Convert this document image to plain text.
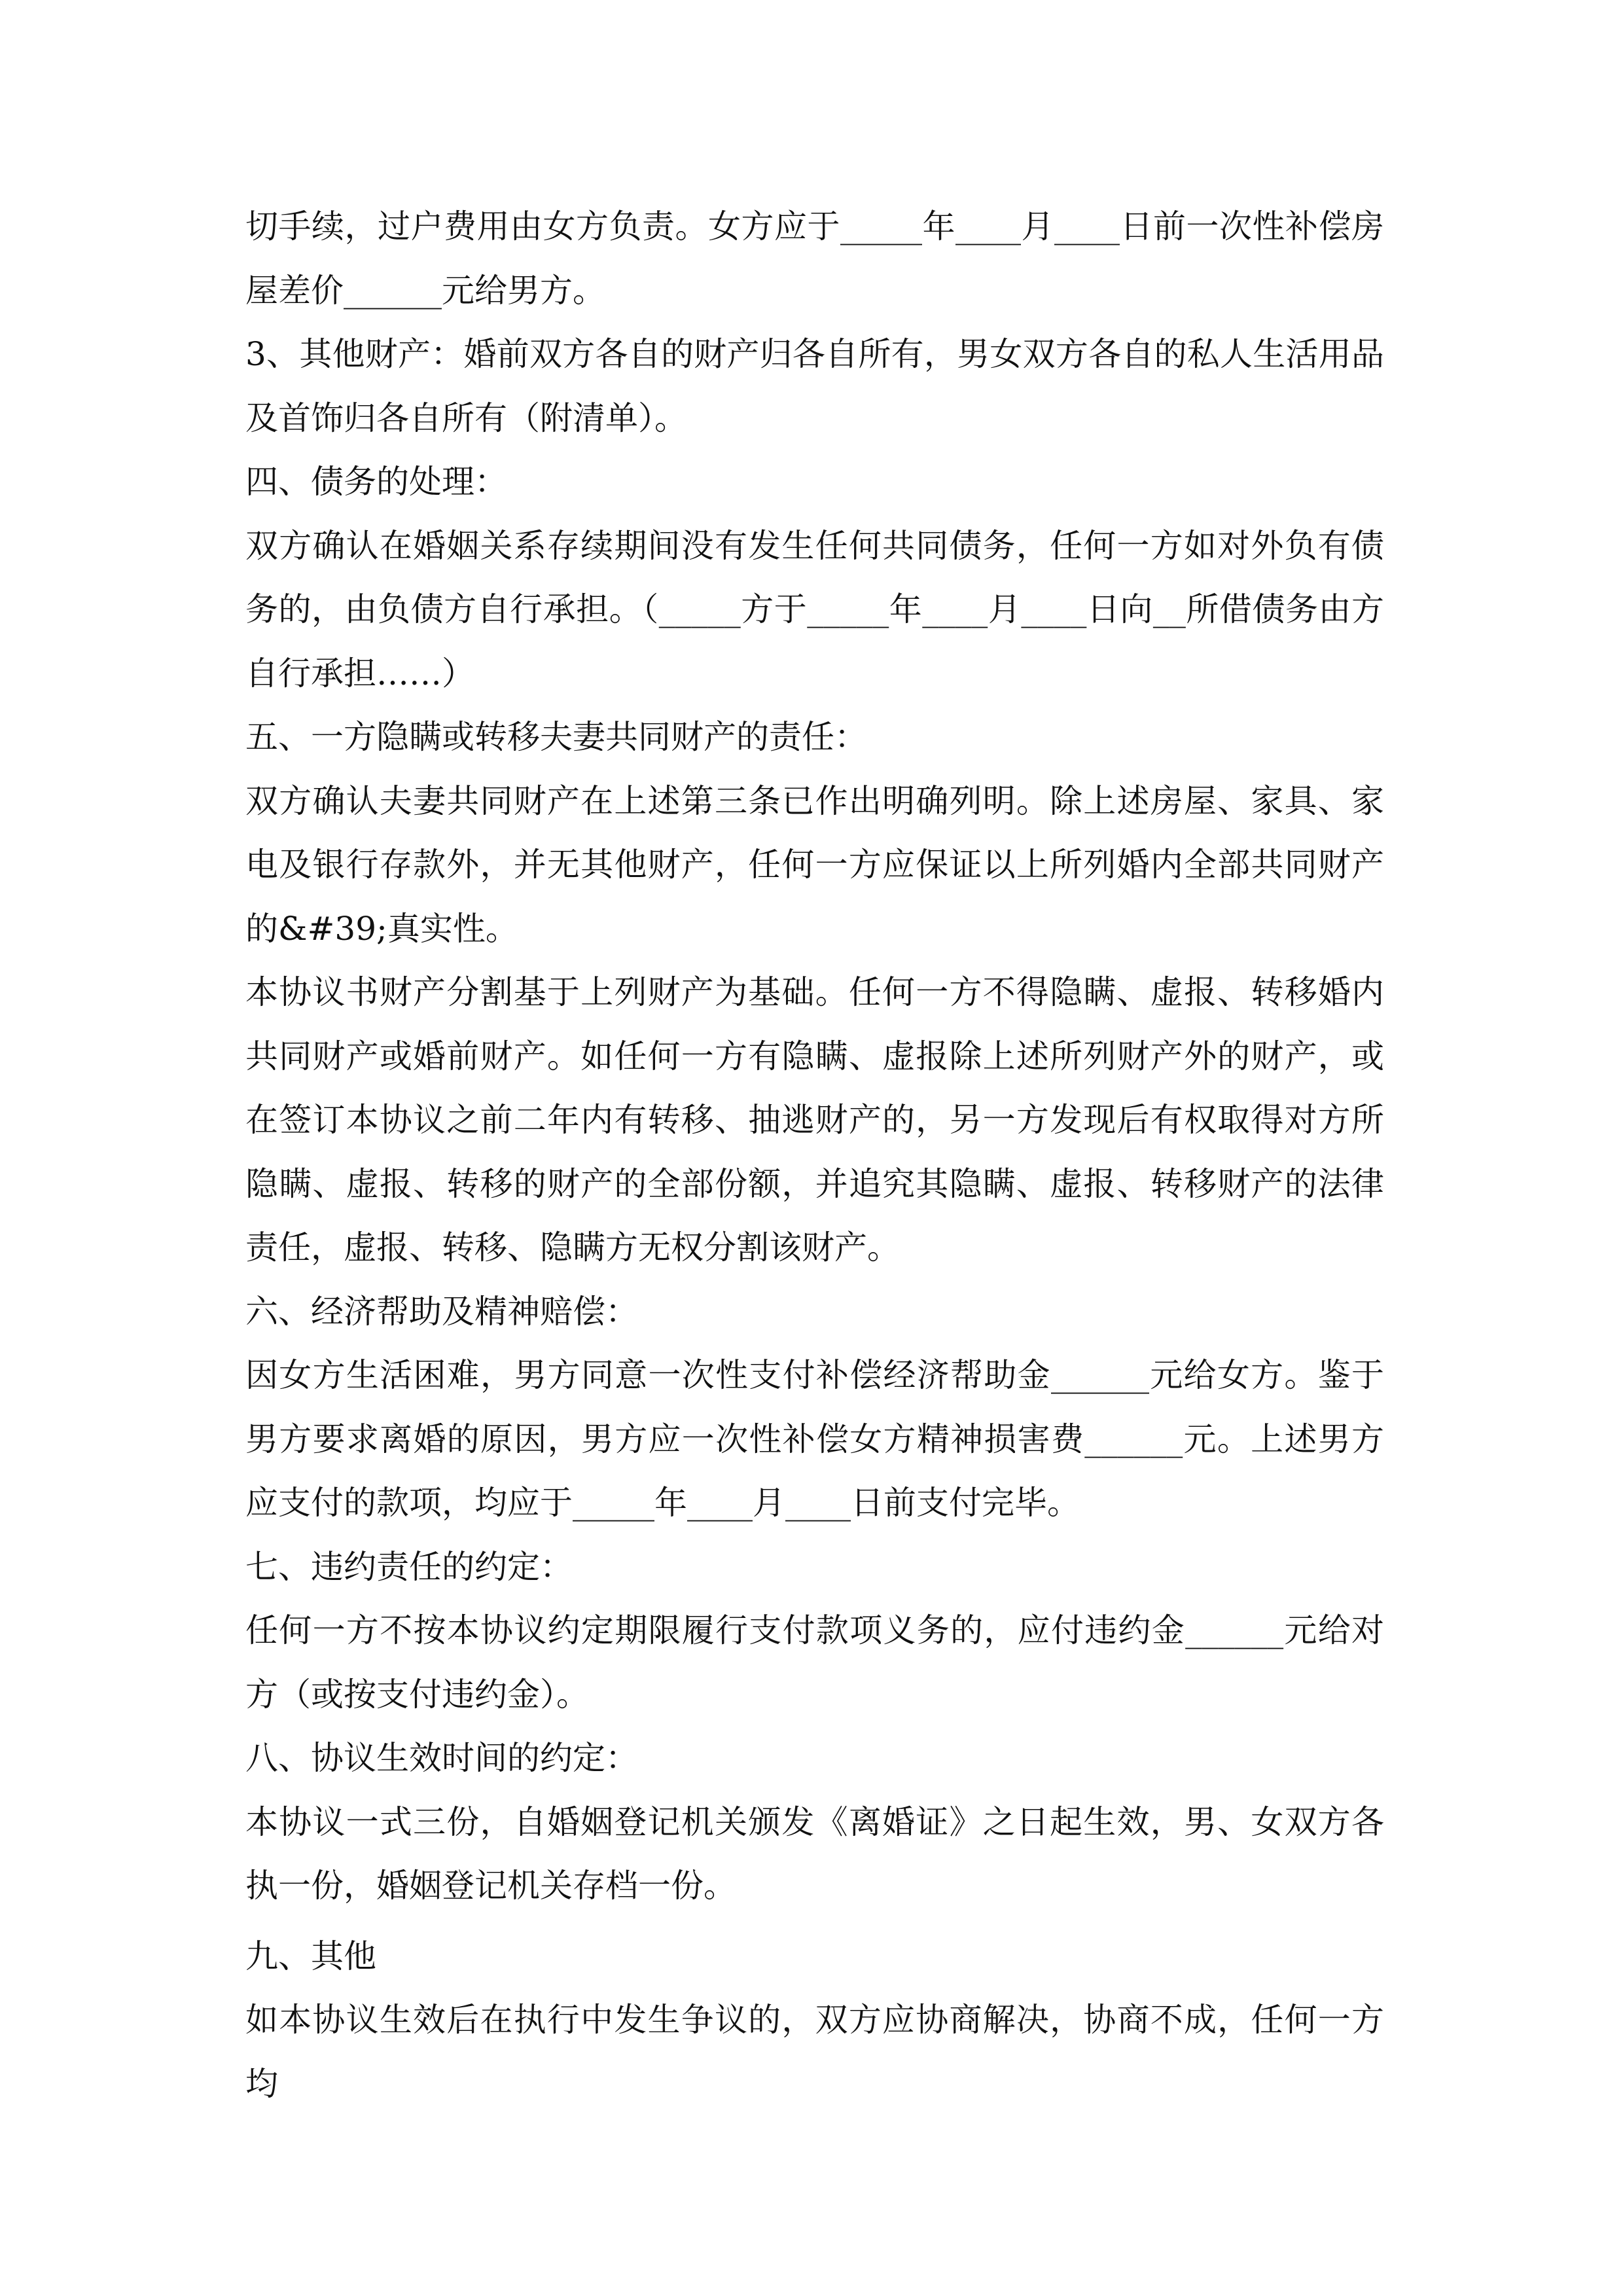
切手续，过户费用由女方负责。女方应于_____年____月____日前一次性补偿房屋差价______元给男方。

3、其他财产：婚前双方各自的财产归各自所有，男女双方各自的私人生活用品及首饰归各自所有（附清单）。

四、债务的处理：

双方确认在婚姻关系存续期间没有发生任何共同债务，任何一方如对外负有债务的，由负债方自行承担。（_____方于_____年____月____日向__所借债务由方自行承担……）

五、一方隐瞒或转移夫妻共同财产的责任：

双方确认夫妻共同财产在上述第三条已作出明确列明。除上述房屋、家具、家电及银行存款外，并无其他财产，任何一方应保证以上所列婚内全部共同财产的&#39;真实性。

本协议书财产分割基于上列财产为基础。任何一方不得隐瞒、虚报、转移婚内共同财产或婚前财产。如任何一方有隐瞒、虚报除上述所列财产外的财产，或在签订本协议之前二年内有转移、抽逃财产的，另一方发现后有权取得对方所隐瞒、虚报、转移的财产的全部份额，并追究其隐瞒、虚报、转移财产的法律责任，虚报、转移、隐瞒方无权分割该财产。

六、经济帮助及精神赔偿：

因女方生活困难，男方同意一次性支付补偿经济帮助金______元给女方。鉴于男方要求离婚的原因，男方应一次性补偿女方精神损害费______元。上述男方应支付的款项，均应于_____年____月____日前支付完毕。

七、违约责任的约定：

任何一方不按本协议约定期限履行支付款项义务的，应付违约金______元给对方（或按支付违约金）。

八、协议生效时间的约定：

本协议一式三份，自婚姻登记机关颁发《离婚证》之日起生效，男、女双方各执一份，婚姻登记机关存档一份。

九、其他

如本协议生效后在执行中发生争议的，双方应协商解决，协商不成，任何一方均
